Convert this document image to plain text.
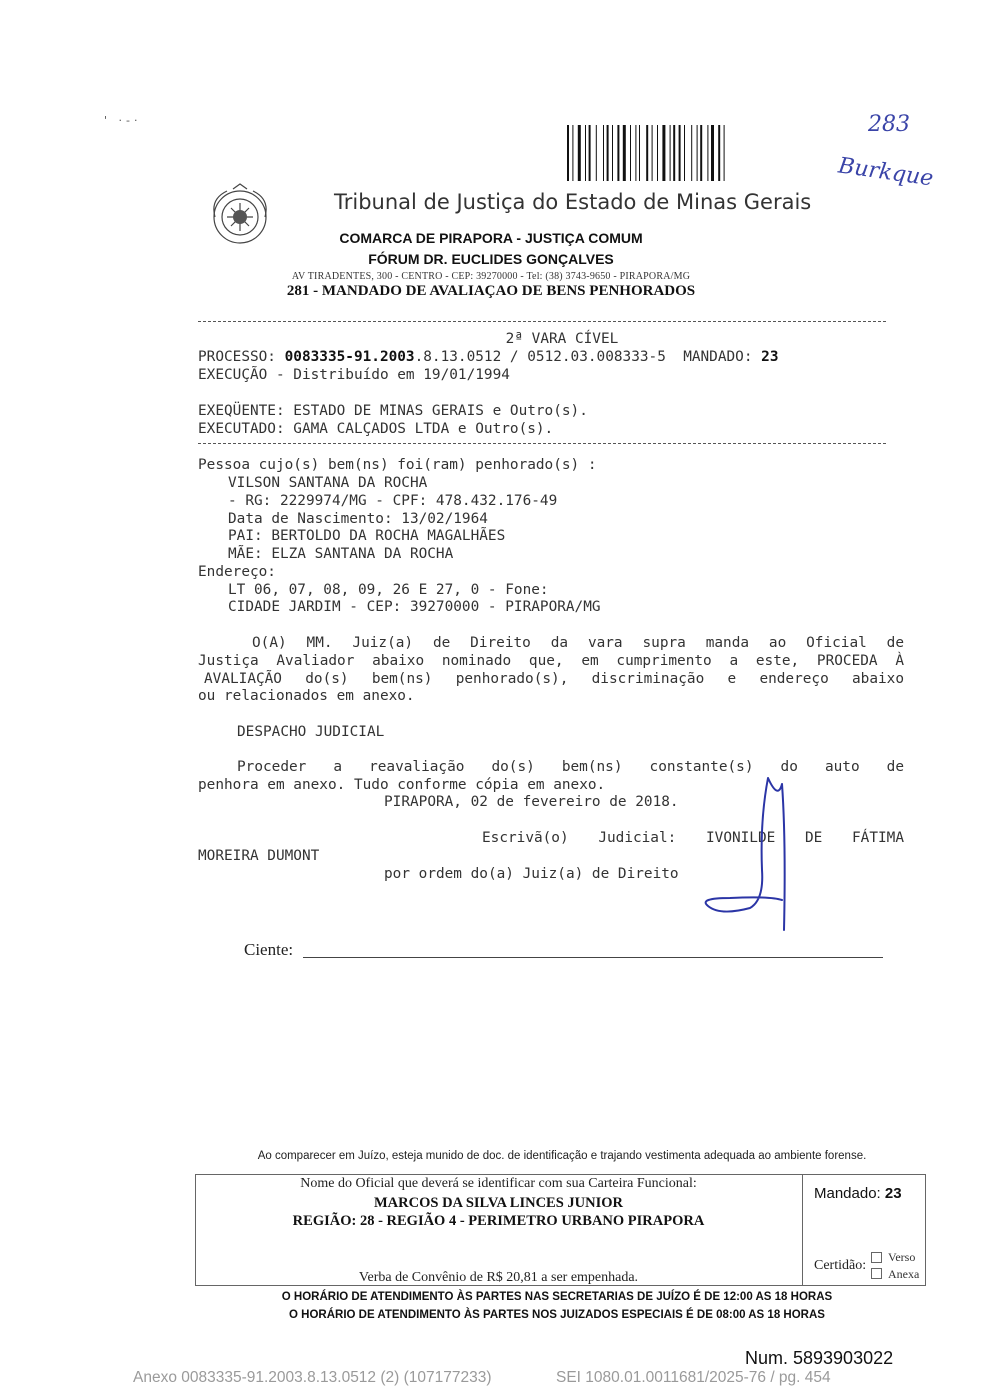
' ·-·	283
Burkque
Tribunal de Justiça do Estado de Minas Gerais
COMARCA DE PIRAPORA - JUSTIÇA COMUM
FÓRUM DR. EUCLIDES GONÇALVES
AV TIRADENTES, 300 - CENTRO - CEP: 39270000 - Tel: (38) 3743-9650 - PIRAPORA/MG
281 - MANDADO DE AVALIAÇAO DE BENS PENHORADOS
2ª VARA CÍVEL
PROCESSO: 0083335-91.2003.8.13.0512 / 0512.03.008333-5  MANDADO: 23
EXECUÇÃO - Distribuído em 19/01/1994
EXEQÜENTE: ESTADO DE MINAS GERAIS e Outro(s).
EXECUTADO: GAMA CALÇADOS LTDA e Outro(s).
Pessoa cujo(s) bem(ns) foi(ram) penhorado(s) :
VILSON SANTANA DA ROCHA
- RG: 2229974/MG - CPF: 478.432.176-49
Data de Nascimento: 13/02/1964
PAI: BERTOLDO DA ROCHA MAGALHÃES
MÃE: ELZA SANTANA DA ROCHA
Endereço:
LT 06, 07, 08, 09, 26 E 27, 0 - Fone:
CIDADE JARDIM - CEP: 39270000 - PIRAPORA/MG
O(A) MM. Juiz(a) de Direito da vara supra manda ao Oficial de
Justiça Avaliador abaixo nominado que, em cumprimento a este, PROCEDA À
AVALIAÇÃO do(s) bem(ns) penhorado(s), discriminação e endereço abaixo
ou relacionados em anexo.
DESPACHO JUDICIAL
Proceder a reavaliação do(s) bem(ns) constante(s) do auto de
penhora em anexo. Tudo conforme cópia em anexo.
PIRAPORA, 02 de fevereiro de 2018.
Escrivã(o) Judicial: IVONILDE DE FÁTIMA
MOREIRA DUMONT
por ordem do(a) Juiz(a) de Direito
Ciente:
Ao comparecer em Juízo, esteja munido de doc. de identificação e trajando vestimenta adequada ao ambiente forense.
Nome do Oficial que deverá se identificar com sua Carteira Funcional:
MARCOS DA SILVA LINCES JUNIOR
REGIÃO: 28 - REGIÃO 4 - PERIMETRO URBANO PIRAPORA
Verba de Convênio de R$ 20,81 a ser empenhada.
Mandado: 23
Certidão:
Verso
Anexa
O HORÁRIO DE ATENDIMENTO ÀS PARTES NAS SECRETARIAS DE JUÍZO É DE 12:00 AS 18 HORAS
O HORÁRIO DE ATENDIMENTO ÀS PARTES NOS JUIZADOS ESPECIAIS É DE 08:00 AS 18 HORAS
Num. 5893903022
Anexo 0083335-91.2003.8.13.0512 (2) (107177233)	SEI 1080.01.0011681/2025-76 / pg. 454
